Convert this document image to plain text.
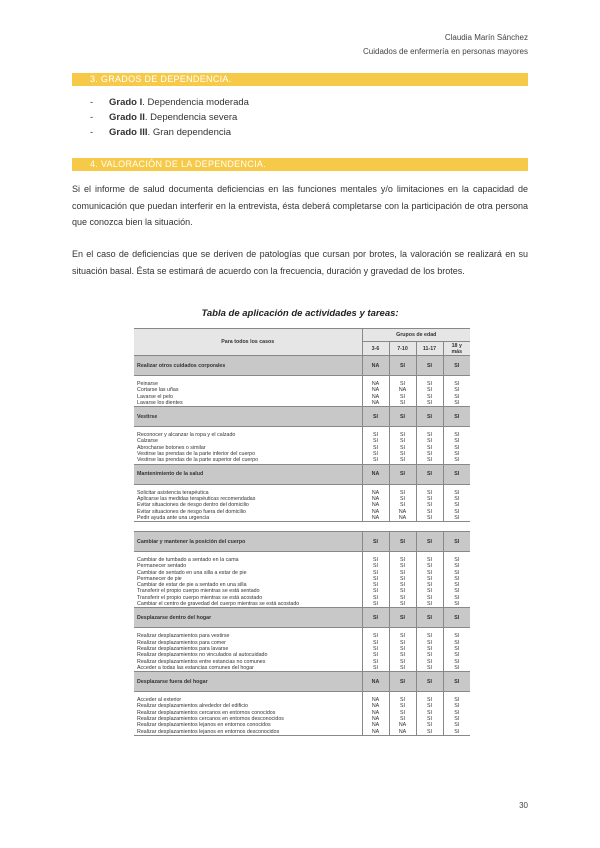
Claudia Marín Sánchez
Cuidados de enfermería en personas mayores
3. GRADOS DE DEPENDENCIA.
- Grado I. Dependencia moderada
- Grado II. Dependencia severa
- Grado III. Gran dependencia
4. VALORACIÓN DE LA DEPENDENCIA.
Si el informe de salud documenta deficiencias en las funciones mentales y/o limitaciones en la capacidad de comunicación que puedan interferir en la entrevista, ésta deberá completarse con la participación de otra persona que conozca bien la situación.
En el caso de deficiencias que se deriven de patologías que cursan por brotes, la valoración se realizará en su situación basal. Ésta se estimará de acuerdo con la frecuencia, duración y gravedad de los brotes.
Tabla de aplicación de actividades y tareas:
Para todos los casos	Grupos de edad			
	3-6	7-10	11-17	18 y más
Realizar otros cuidados corporales	NA	SI	SI	SI

Peinarse	NA	SI	SI	SI
Cortarse las uñas	NA	NA	SI	SI
Lavarse el pelo	NA	SI	SI	SI
Lavarse los dientes	NA	SI	SI	SI
Vestirse	SI	SI	SI	SI

Reconocer y alcanzar la ropa y el calzado	SI	SI	SI	SI
Calzarse	SI	SI	SI	SI
Abrocharse botones o similar	SI	SI	SI	SI
Vestirse las prendas de la parte inferior del cuerpo	SI	SI	SI	SI
Vestirse las prendas de la parte superior del cuerpo	SI	SI	SI	SI
Mantenimiento de la salud	NA	SI	SI	SI

Solicitar asistencia terapéutica	NA	SI	SI	SI
Aplicarse las medidas terapéuticas recomendadas	NA	SI	SI	SI
Evitar situaciones de riesgo dentro del domicilio	NA	SI	SI	SI
Evitar situaciones de riesgo fuera del domicilio	NA	NA	SI	SI
Pedir ayuda ante una urgencia	NA	NA	SI	SI
Cambiar y mantener la posición del cuerpo	SI	SI	SI	SI

Cambiar de tumbado a sentado en la cama	SI	SI	SI	SI
Permanecer sentado	SI	SI	SI	SI
Cambiar de sentado en una silla a estar de pie	SI	SI	SI	SI
Permanecer de pie	SI	SI	SI	SI
Cambiar de estar de pie a sentado en una silla	SI	SI	SI	SI
Transferir el propio cuerpo mientras se está sentado	SI	SI	SI	SI
Transferir el propio cuerpo mientras se está acostado	SI	SI	SI	SI
Cambiar el centro de gravedad del cuerpo mientras se está acostado	SI	SI	SI	SI
Desplazarse dentro del hogar	SI	SI	SI	SI

Realizar desplazamientos para vestirse	SI	SI	SI	SI
Realizar desplazamientos para comer	SI	SI	SI	SI
Realizar desplazamientos para lavarse	SI	SI	SI	SI
Realizar desplazamientos no vinculados al autocuidado	SI	SI	SI	SI
Realizar desplazamientos entre estancias no comunes	SI	SI	SI	SI
Acceder a todas las estancias comunes del hogar	SI	SI	SI	SI
Desplazarse fuera del hogar	NA	SI	SI	SI

Acceder al exterior	NA	SI	SI	SI
Realizar desplazamientos alrededor del edificio	NA	SI	SI	SI
Realizar desplazamientos cercanos en entornos conocidos	NA	SI	SI	SI
Realizar desplazamientos cercanos en entornos desconocidos	NA	SI	SI	SI
Realizar desplazamientos lejanos en entornos conocidos	NA	NA	SI	SI
Realizar desplazamientos lejanos en entornos desconocidos	NA	NA	SI	SI
30
